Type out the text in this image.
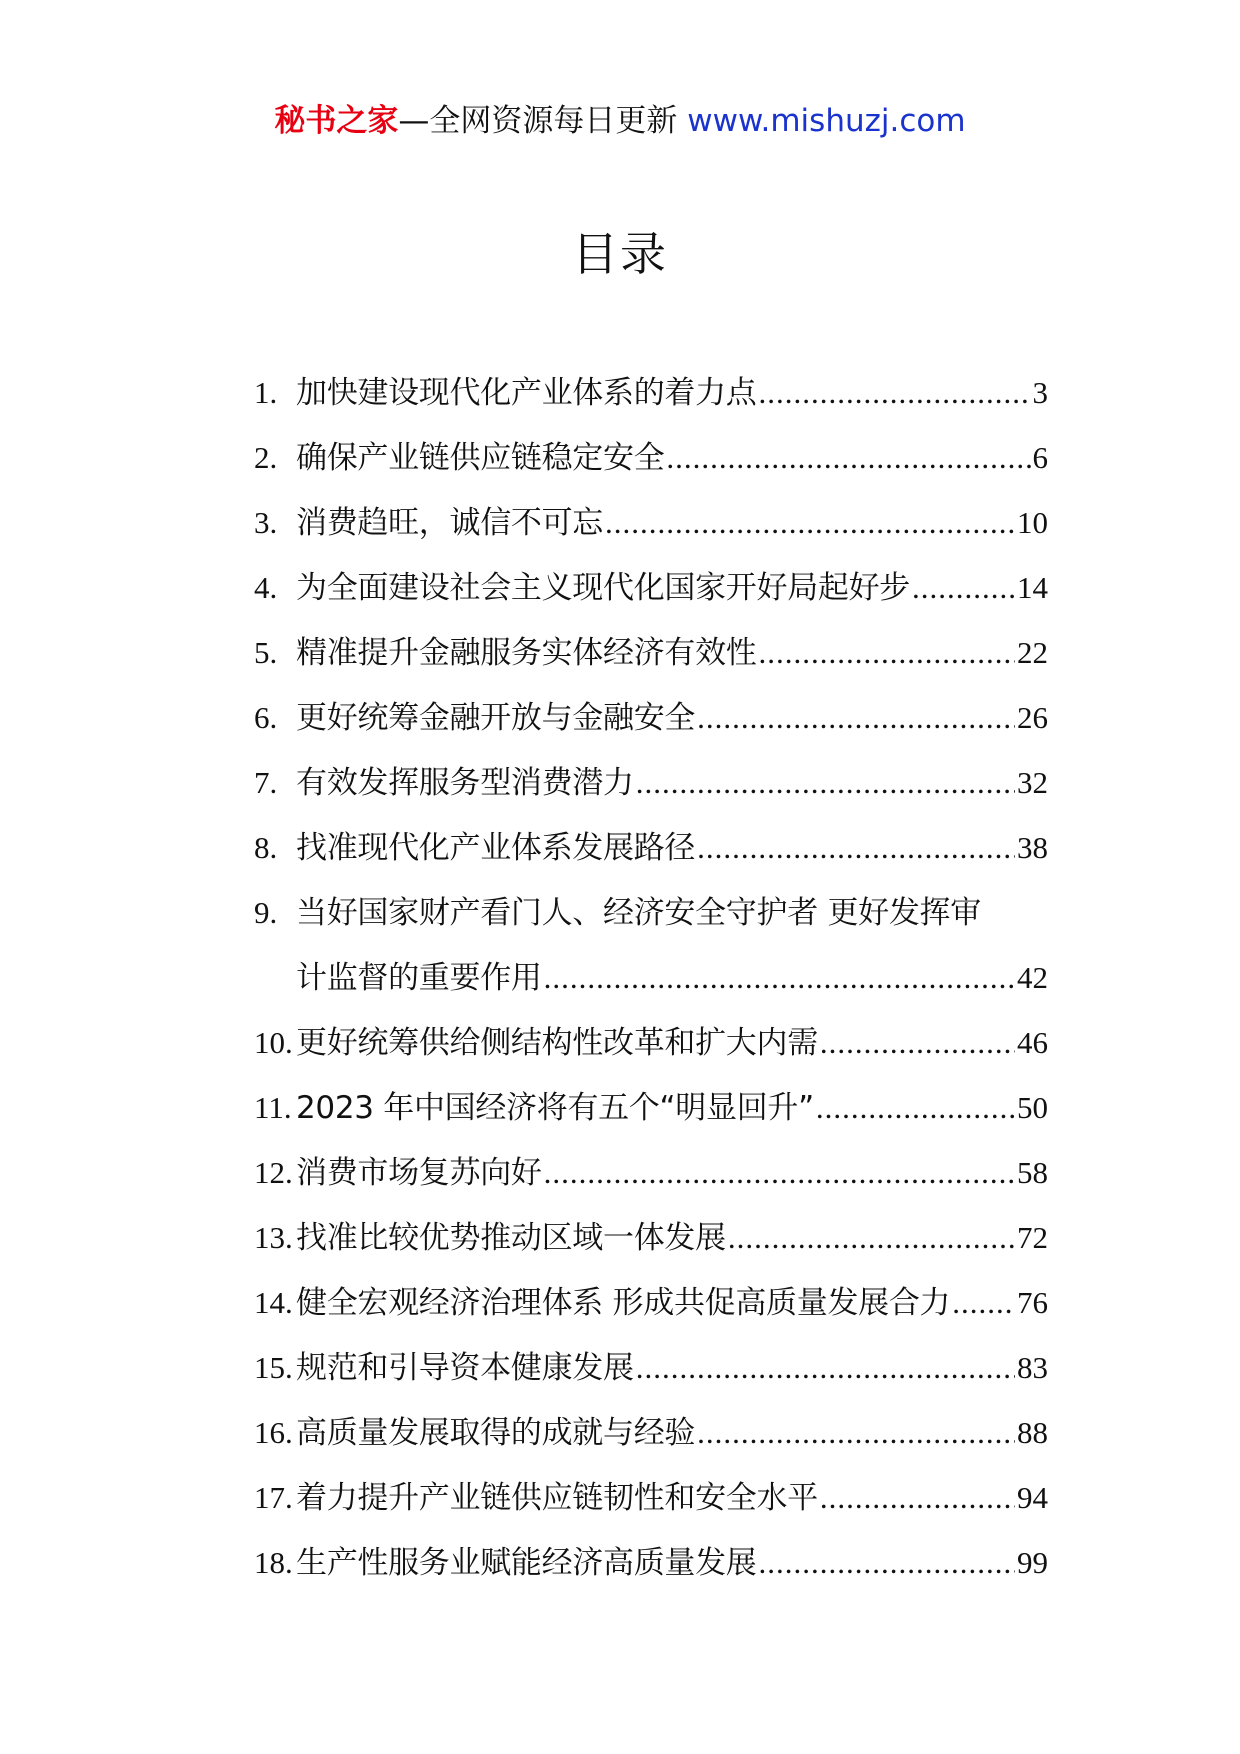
秘书之家—全网资源每日更新 www.mishuzj.com
目录
1. 加快建设现代化产业体系的着力点 .....	3
2. 确保产业链供应链稳定安全 .....	6
3. 消费趋旺，诚信不可忘 .....	10
4. 为全面建设社会主义现代化国家开好局起好步 .....	14
5. 精准提升金融服务实体经济有效性 .....	22
6. 更好统筹金融开放与金融安全 .....	26
7. 有效发挥服务型消费潜力 .....	32
8. 找准现代化产业体系发展路径 .....	38
9. 当好国家财产看门人、经济安全守护者 更好发挥审
计监督的重要作用 .....	42
10. 更好统筹供给侧结构性改革和扩大内需 .....	46
11. 2023 年中国经济将有五个“明显回升” .....	50
12. 消费市场复苏向好 .....	58
13. 找准比较优势推动区域一体发展 .....	72
14. 健全宏观经济治理体系 形成共促高质量发展合力 ..... 76
15. 规范和引导资本健康发展 .....	83
16. 高质量发展取得的成就与经验 .....	88
17. 着力提升产业链供应链韧性和安全水平 .....	94
18. 生产性服务业赋能经济高质量发展 .....	99
